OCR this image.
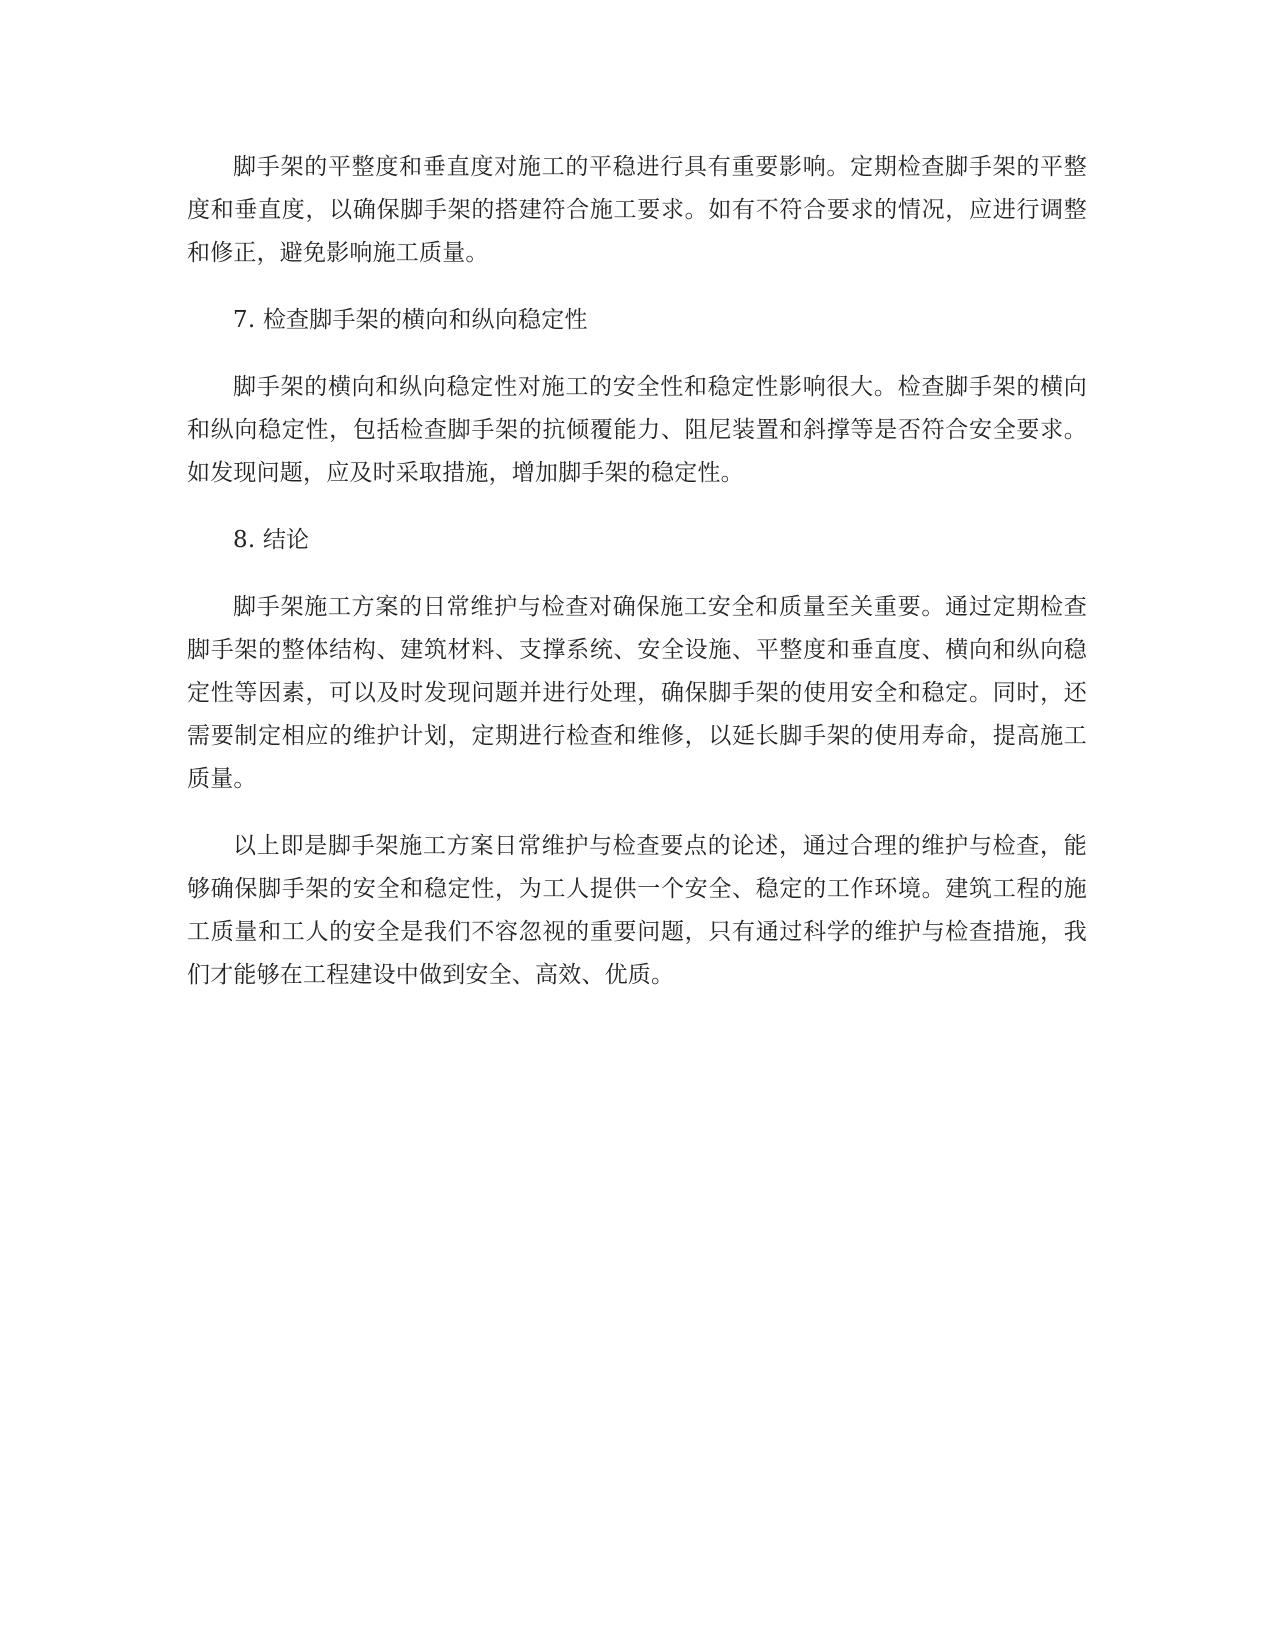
脚手架的平整度和垂直度对施工的平稳进行具有重要影响。定期检查脚手架的平整度和垂直度，以确保脚手架的搭建符合施工要求。如有不符合要求的情况，应进行调整和修正，避免影响施工质量。

7. 检查脚手架的横向和纵向稳定性

脚手架的横向和纵向稳定性对施工的安全性和稳定性影响很大。检查脚手架的横向和纵向稳定性，包括检查脚手架的抗倾覆能力、阻尼装置和斜撑等是否符合安全要求。如发现问题，应及时采取措施，增加脚手架的稳定性。

8. 结论

脚手架施工方案的日常维护与检查对确保施工安全和质量至关重要。通过定期检查脚手架的整体结构、建筑材料、支撑系统、安全设施、平整度和垂直度、横向和纵向稳定性等因素，可以及时发现问题并进行处理，确保脚手架的使用安全和稳定。同时，还需要制定相应的维护计划，定期进行检查和维修，以延长脚手架的使用寿命，提高施工质量。

以上即是脚手架施工方案日常维护与检查要点的论述，通过合理的维护与检查，能够确保脚手架的安全和稳定性，为工人提供一个安全、稳定的工作环境。建筑工程的施工质量和工人的安全是我们不容忽视的重要问题，只有通过科学的维护与检查措施，我们才能够在工程建设中做到安全、高效、优质。
